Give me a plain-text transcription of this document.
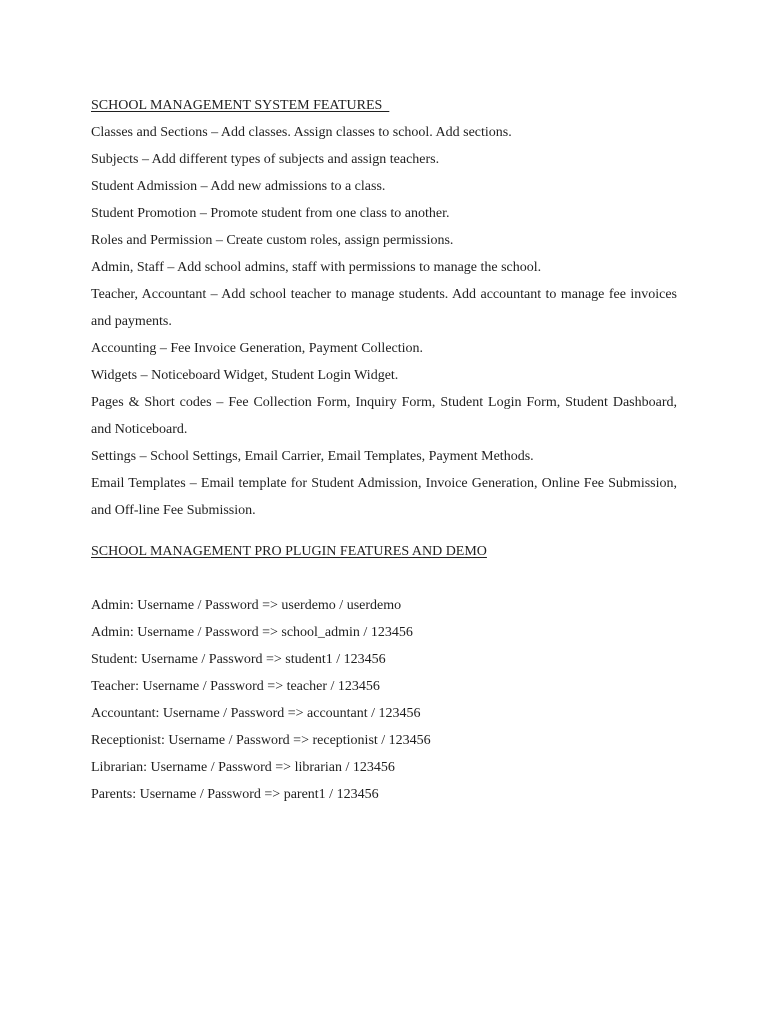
SCHOOL MANAGEMENT SYSTEM FEATURES

Classes and Sections – Add classes. Assign classes to school. Add sections.

Subjects – Add different types of subjects and assign teachers.

Student Admission – Add new admissions to a class.

Student Promotion – Promote student from one class to another.

Roles and Permission – Create custom roles, assign permissions.

Admin, Staff – Add school admins, staff with permissions to manage the school.

Teacher, Accountant – Add school teacher to manage students. Add accountant to manage fee invoices and payments.

Accounting – Fee Invoice Generation, Payment Collection.

Widgets – Noticeboard Widget, Student Login Widget.

Pages & Short codes – Fee Collection Form, Inquiry Form, Student Login Form, Student Dashboard, and Noticeboard.

Settings – School Settings, Email Carrier, Email Templates, Payment Methods.

Email Templates – Email template for Student Admission, Invoice Generation, Online Fee Submission, and Off-line Fee Submission.

SCHOOL MANAGEMENT PRO PLUGIN FEATURES AND DEMO

Admin: Username / Password => userdemo / userdemo

Admin: Username / Password => school_admin / 123456

Student: Username / Password => student1 / 123456

Teacher: Username / Password => teacher / 123456

Accountant: Username / Password => accountant / 123456

Receptionist: Username / Password => receptionist / 123456

Librarian: Username / Password => librarian / 123456

Parents: Username / Password => parent1 / 123456
